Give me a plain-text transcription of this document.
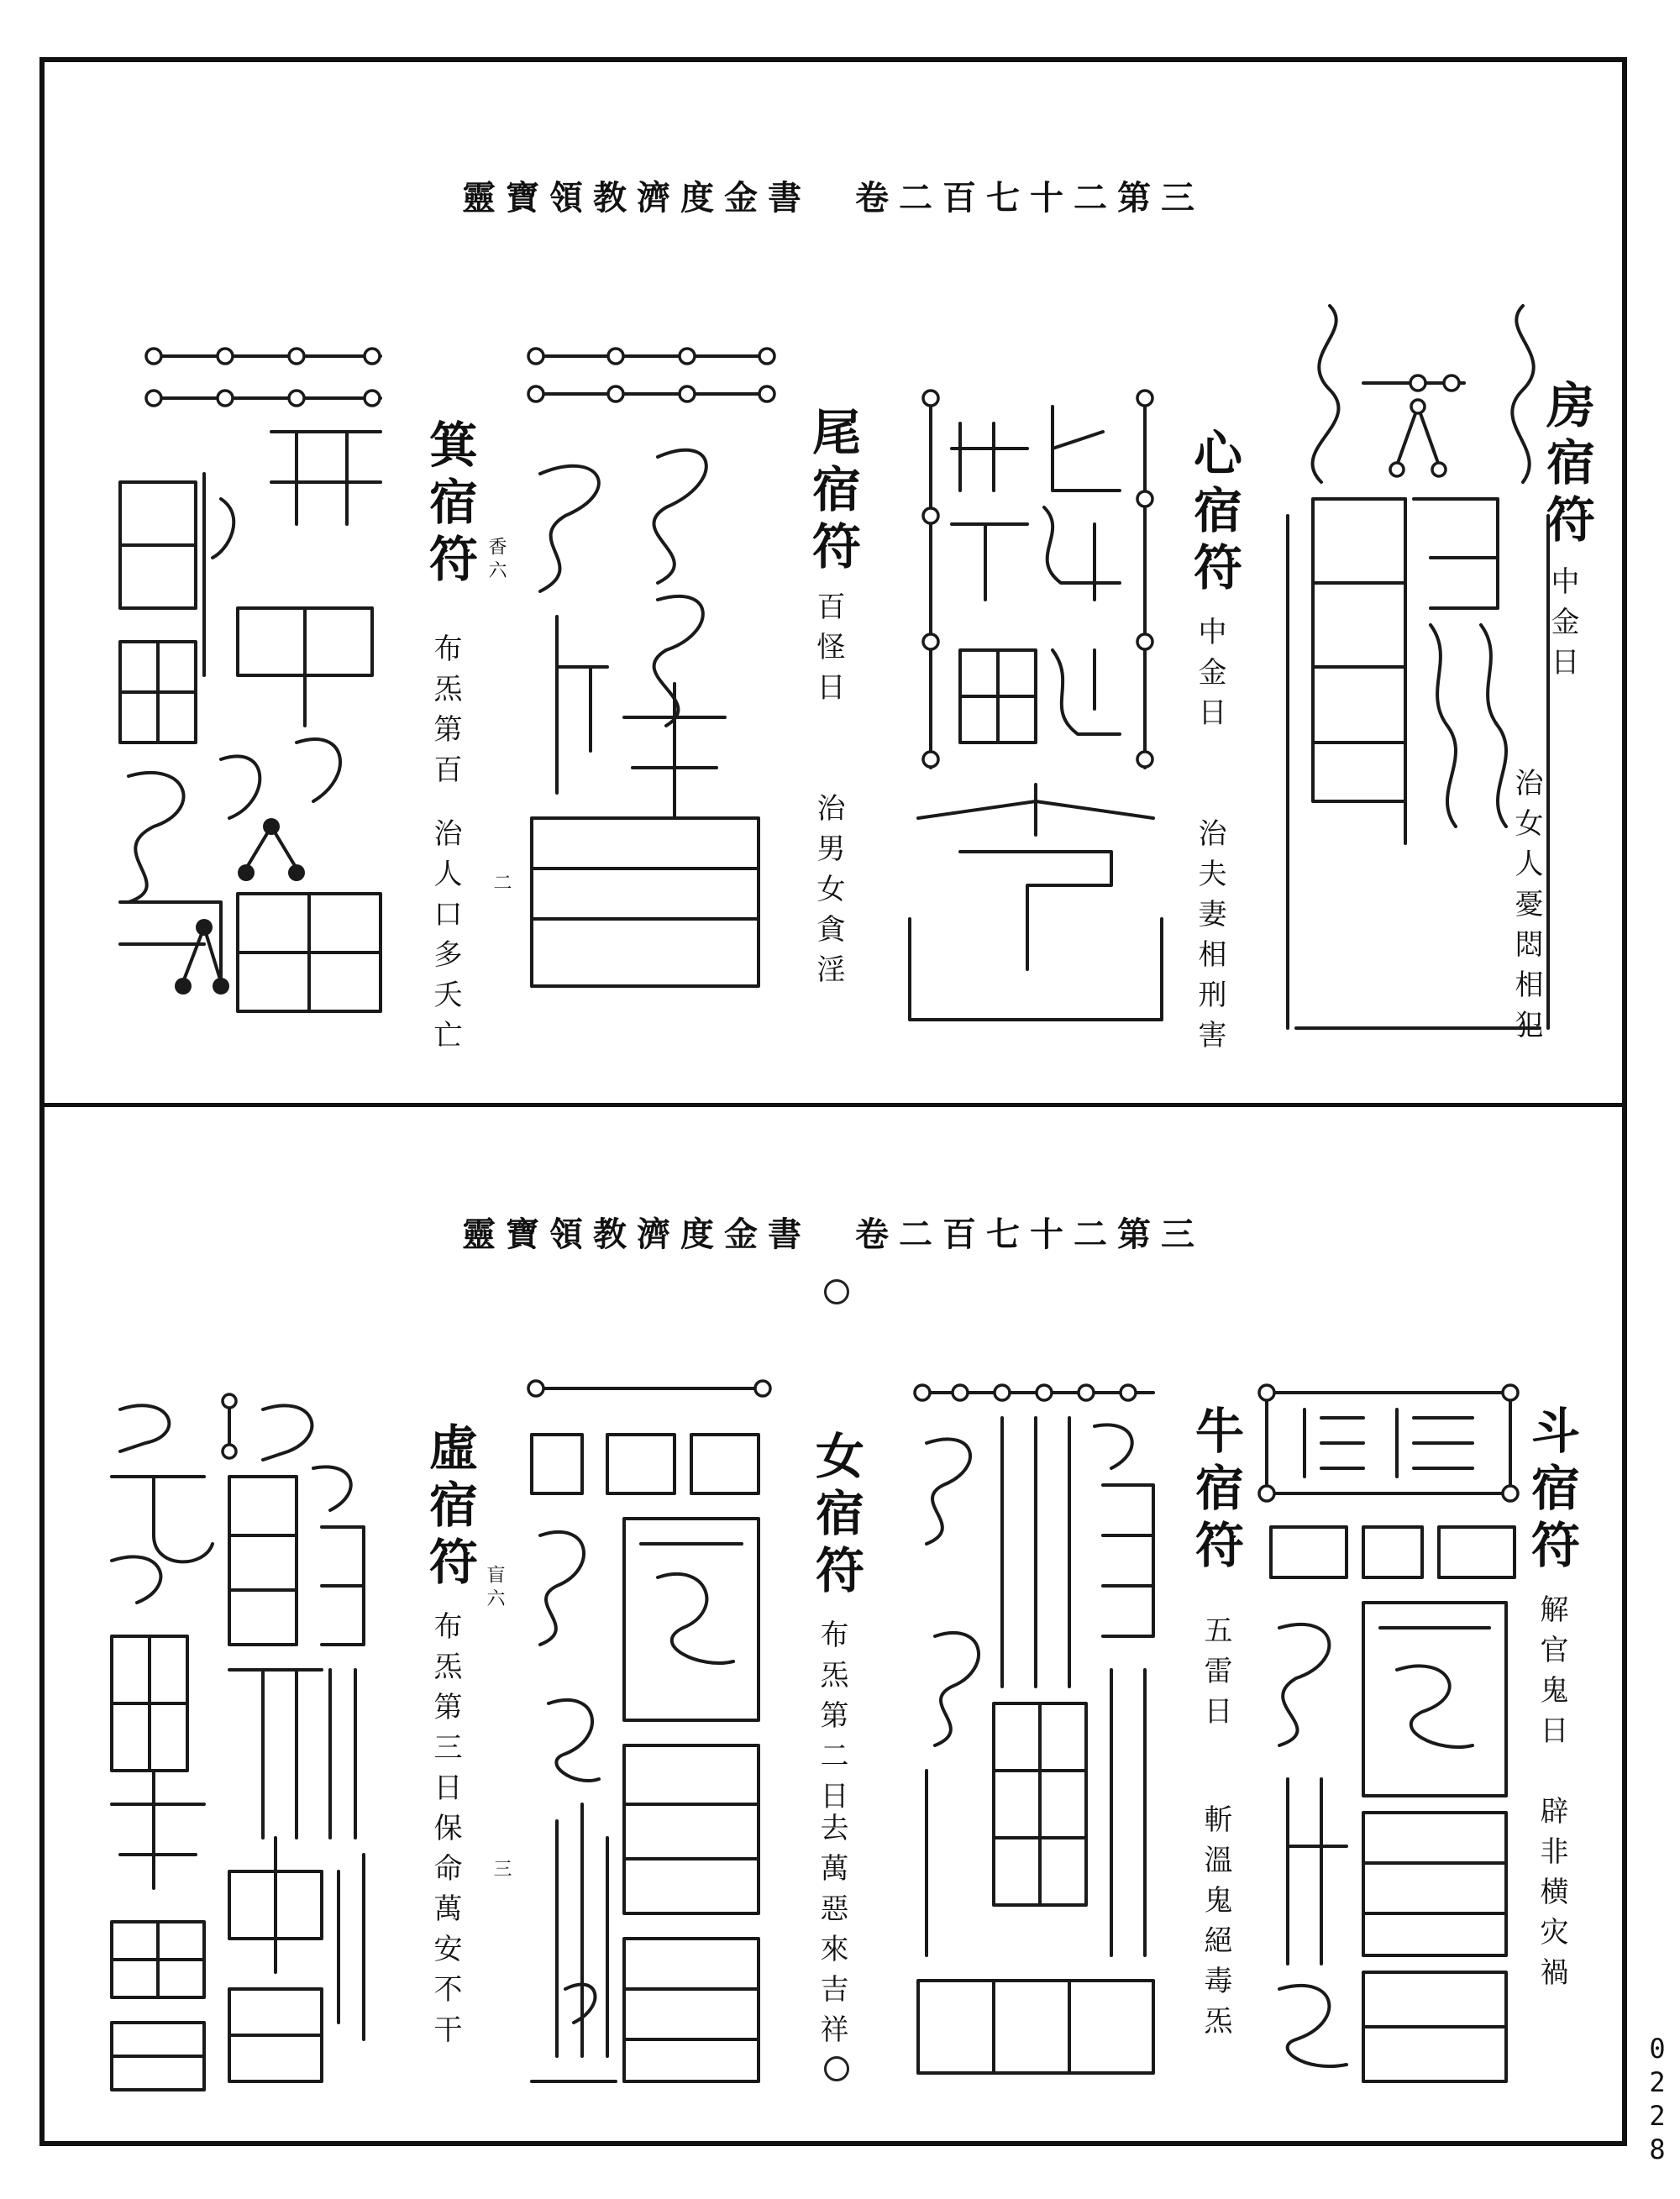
靈寶領教濟度金書　卷二百七十二第三
房宿符
中金日
治女人憂悶相犯
心宿符
中金日
治夫妻相刑害
尾宿符
百怪日
治男女貪淫
箕宿符 香六
布炁第百
治人口多夭亡 二
靈寶領教濟度金書　卷二百七十二第三
斗宿符
解官鬼日
辟非横灾禍
牛宿符
五雷日
斬溫鬼絕毒炁
女宿符
布炁第二日
去萬惡來吉祥
虛宿符 盲六
布炁第三日
保命萬安不干 三
0228
